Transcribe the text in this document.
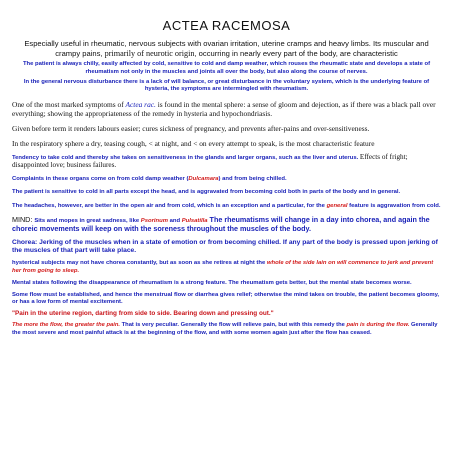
ACTEA RACEMOSA
Especially useful in rheumatic, nervous subjects with ovarian irritation, uterine cramps and heavy limbs. Its muscular and crampy pains, primarily of neurotic origin, occurring in nearly every part of the body, are characteristic
The patient is always chilly, easily affected by cold, sensitive to cold and damp weather, which rouses the rheumatic state and develops a state of rheumatism not only in the muscles and joints all over the body, but also along the course of nerves.
In the general nervous disturbance there is a lack of will balance, or great disturbance in the voluntary system, which is the underlying feature of hysteria, the symptoms are intermingled with rheumatism.
One of the most marked symptoms of Actea rac. is found in the mental sphere: a sense of gloom and dejection, as if there was a black pall over everything; showing the appropriateness of the remedy in hysteria and hypochondriasis.
Given before term it renders labours easier; cures sickness of pregnancy, and prevents after-pains and over-sensitiveness.
In the respiratory sphere a dry, teasing cough, < at night, and < on every attempt to speak, is the most characteristic feature
Tendency to take cold and thereby she takes on sensitiveness in the glands and larger organs, such as the liver and uterus. Effects of fright; disappointed love; business failures.
Complaints in these organs come on from cold damp weather (Dulcamara) and from being chilled.
The patient is sensitive to cold in all parts except the head, and is aggravated from becoming cold both in parts of the body and in general.
The headaches, however, are better in the open air and from cold, which is an exception and a particular, for the general feature is aggravation from cold.
MIND: Sits and mopes in great sadness, like Psorinum and Pulsatilla The rheumatisms will change in a day into chorea, and again the choreic movements will keep on with the soreness throughout the muscles of the body.
Chorea: Jerking of the muscles when in a state of emotion or from becoming chilled. If any part of the body is pressed upon jerking of the muscles of that part will take place.
hysterical subjects may not have chorea constantly, but as soon as she retires at night the whole of the side lain on will commence to jerk and prevent her from going to sleep.
Mental states following the disappearance of rheumatism is a strong feature. The rheumatism gets better, but the mental state becomes worse.
Some flow must be established, and hence the menstrual flow or diarrhea gives relief; otherwise the mind takes on trouble, the patient becomes gloomy, or has a low form of mental excitement.
"Pain in the uterine region, darting from side to side. Bearing down and pressing out."
The more the flow, the greater the pain. That is very peculiar. Generally the flow will relieve pain, but with this remedy the pain is during the flow. Generally the most severe and most painful attack is at the beginning of the flow, and with some women again just after the flow has ceased.
